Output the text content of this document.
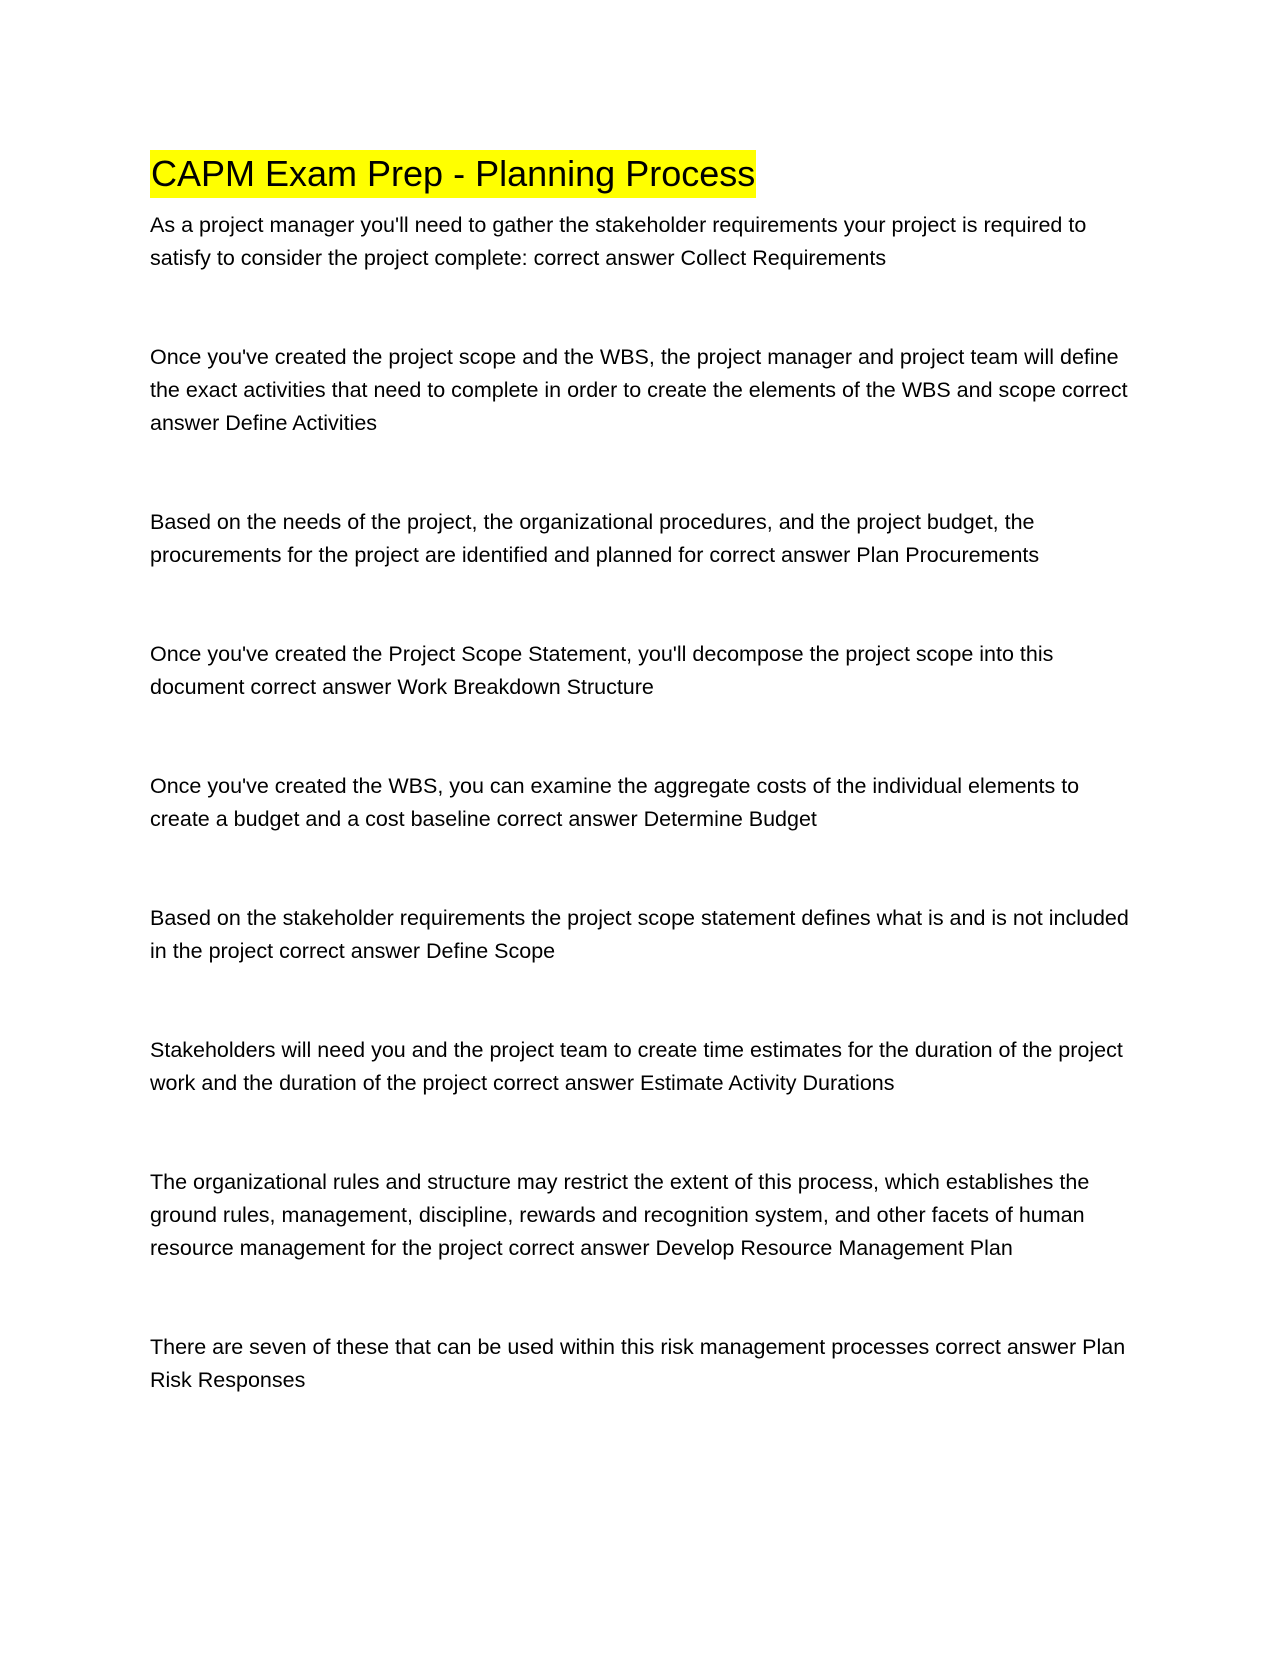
CAPM Exam Prep - Planning Process

As a project manager you'll need to gather the stakeholder requirements your project is required to satisfy to consider the project complete: correct answer Collect Requirements

Once you've created the project scope and the WBS, the project manager and project team will define the exact activities that need to complete in order to create the elements of the WBS and scope correct answer Define Activities

Based on the needs of the project, the organizational procedures, and the project budget, the procurements for the project are identified and planned for correct answer Plan Procurements

Once you've created the Project Scope Statement, you'll decompose the project scope into this document correct answer Work Breakdown Structure

Once you've created the WBS, you can examine the aggregate costs of the individual elements to create a budget and a cost baseline correct answer Determine Budget

Based on the stakeholder requirements the project scope statement defines what is and is not included in the project correct answer Define Scope

Stakeholders will need you and the project team to create time estimates for the duration of the project work and the duration of the project correct answer Estimate Activity Durations

The organizational rules and structure may restrict the extent of this process, which establishes the ground rules, management, discipline, rewards and recognition system, and other facets of human resource management for the project correct answer Develop Resource Management Plan

There are seven of these that can be used within this risk management processes correct answer Plan Risk Responses
